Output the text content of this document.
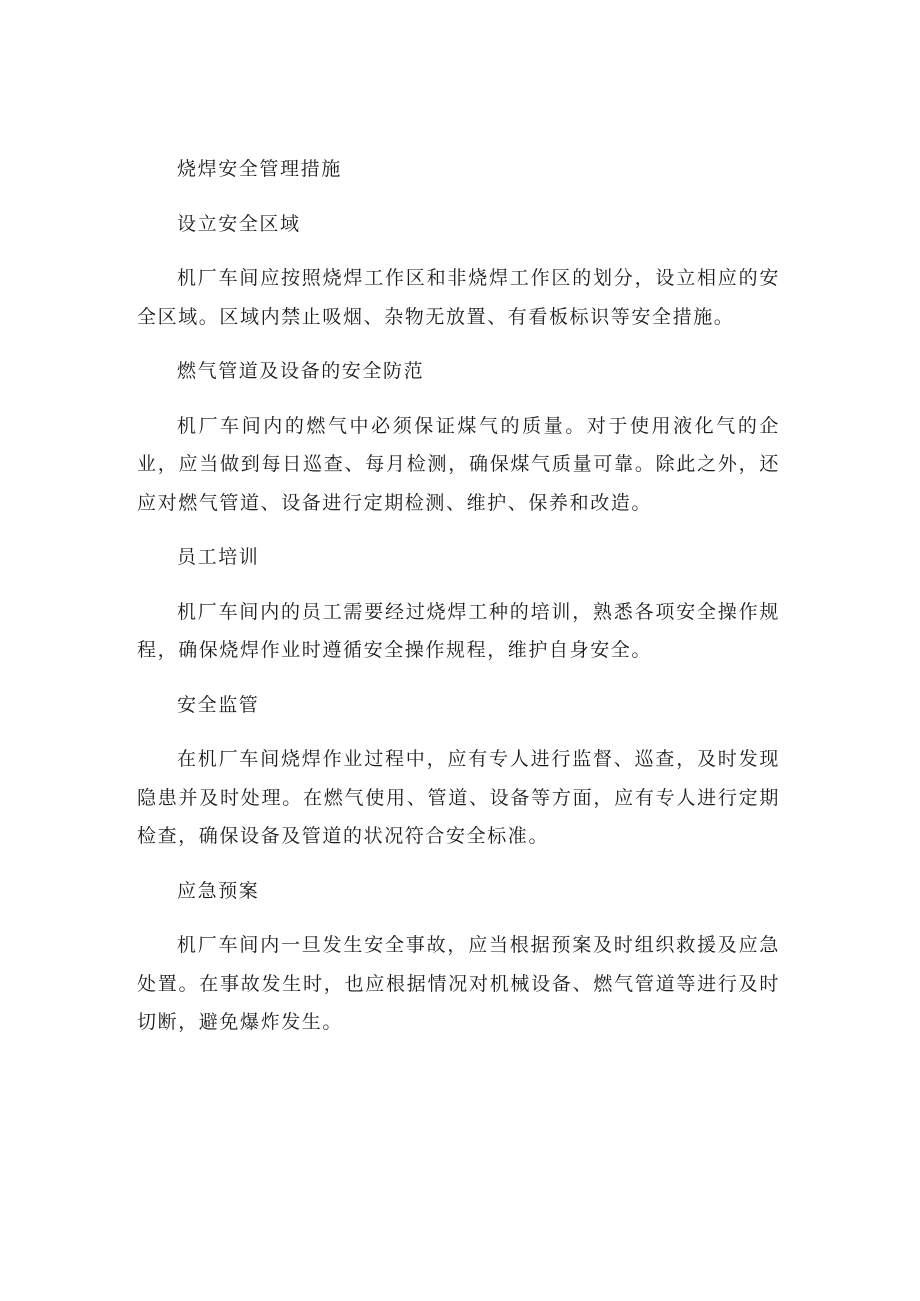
烧焊安全管理措施

设立安全区域

机厂车间应按照烧焊工作区和非烧焊工作区的划分，设立相应的安全区域。区域内禁止吸烟、杂物无放置、有看板标识等安全措施。

燃气管道及设备的安全防范

机厂车间内的燃气中必须保证煤气的质量。对于使用液化气的企业，应当做到每日巡查、每月检测，确保煤气质量可靠。除此之外，还应对燃气管道、设备进行定期检测、维护、保养和改造。

员工培训

机厂车间内的员工需要经过烧焊工种的培训，熟悉各项安全操作规程，确保烧焊作业时遵循安全操作规程，维护自身安全。

安全监管

在机厂车间烧焊作业过程中，应有专人进行监督、巡查，及时发现隐患并及时处理。在燃气使用、管道、设备等方面，应有专人进行定期检查，确保设备及管道的状况符合安全标准。

应急预案

机厂车间内一旦发生安全事故，应当根据预案及时组织救援及应急处置。在事故发生时，也应根据情况对机械设备、燃气管道等进行及时切断，避免爆炸发生。
